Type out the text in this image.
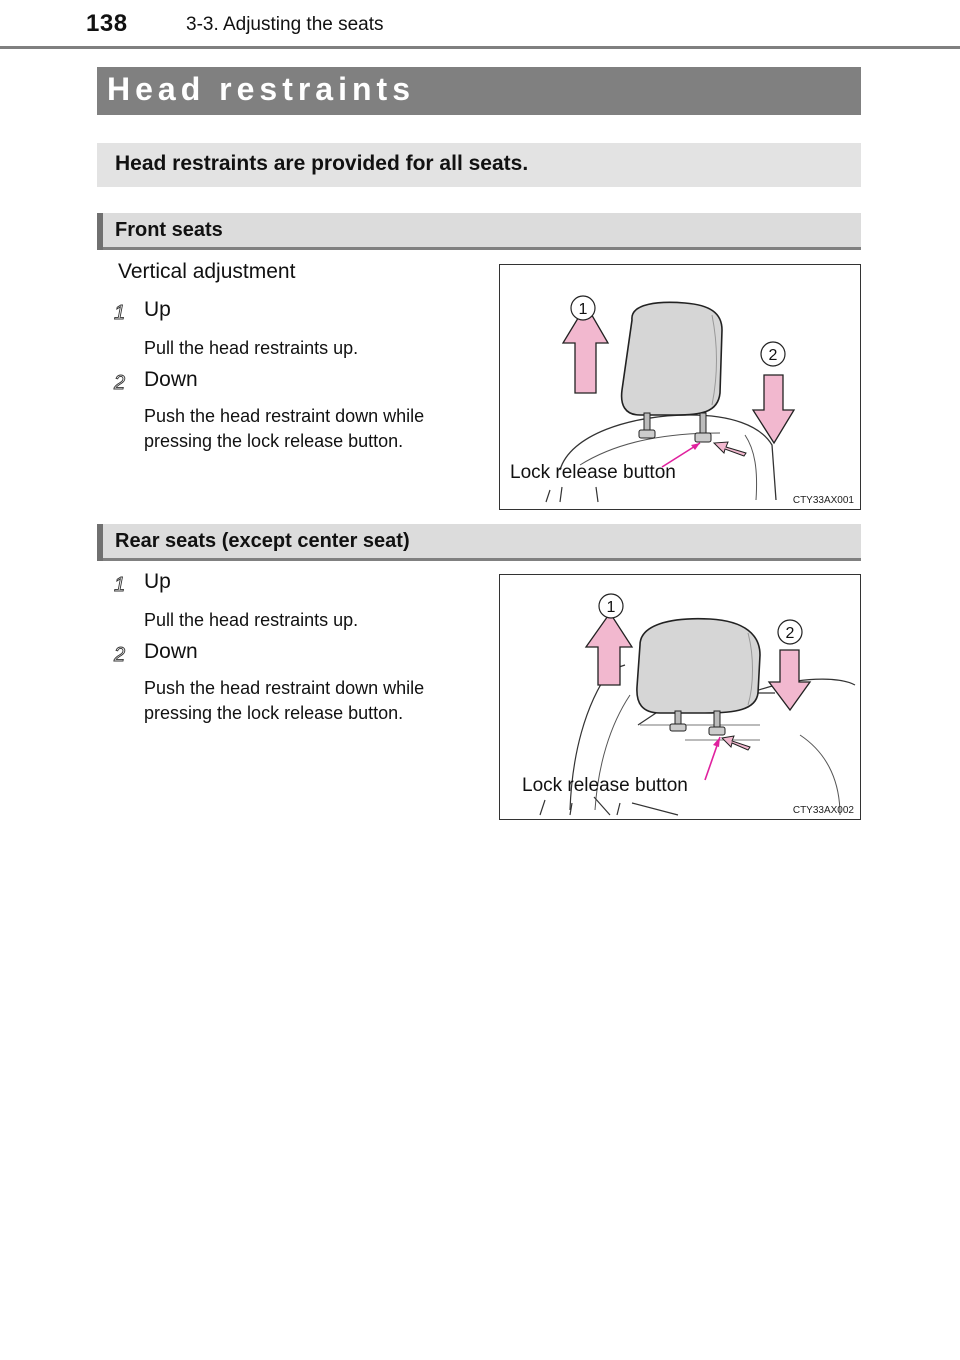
138	3-3. Adjusting the seats
Head restraints
Head restraints are provided for all seats.
Front seats
Vertical adjustment
1 Up
Pull the head restraints up.
2 Down
Push the head restraint down while pressing the lock release button.
1
2
Lock release button
CTY33AX001
Rear seats (except center seat)
1 Up
Pull the head restraints up.
2 Down
Push the head restraint down while pressing the lock release button.
1
2
Lock release button
CTY33AX002
